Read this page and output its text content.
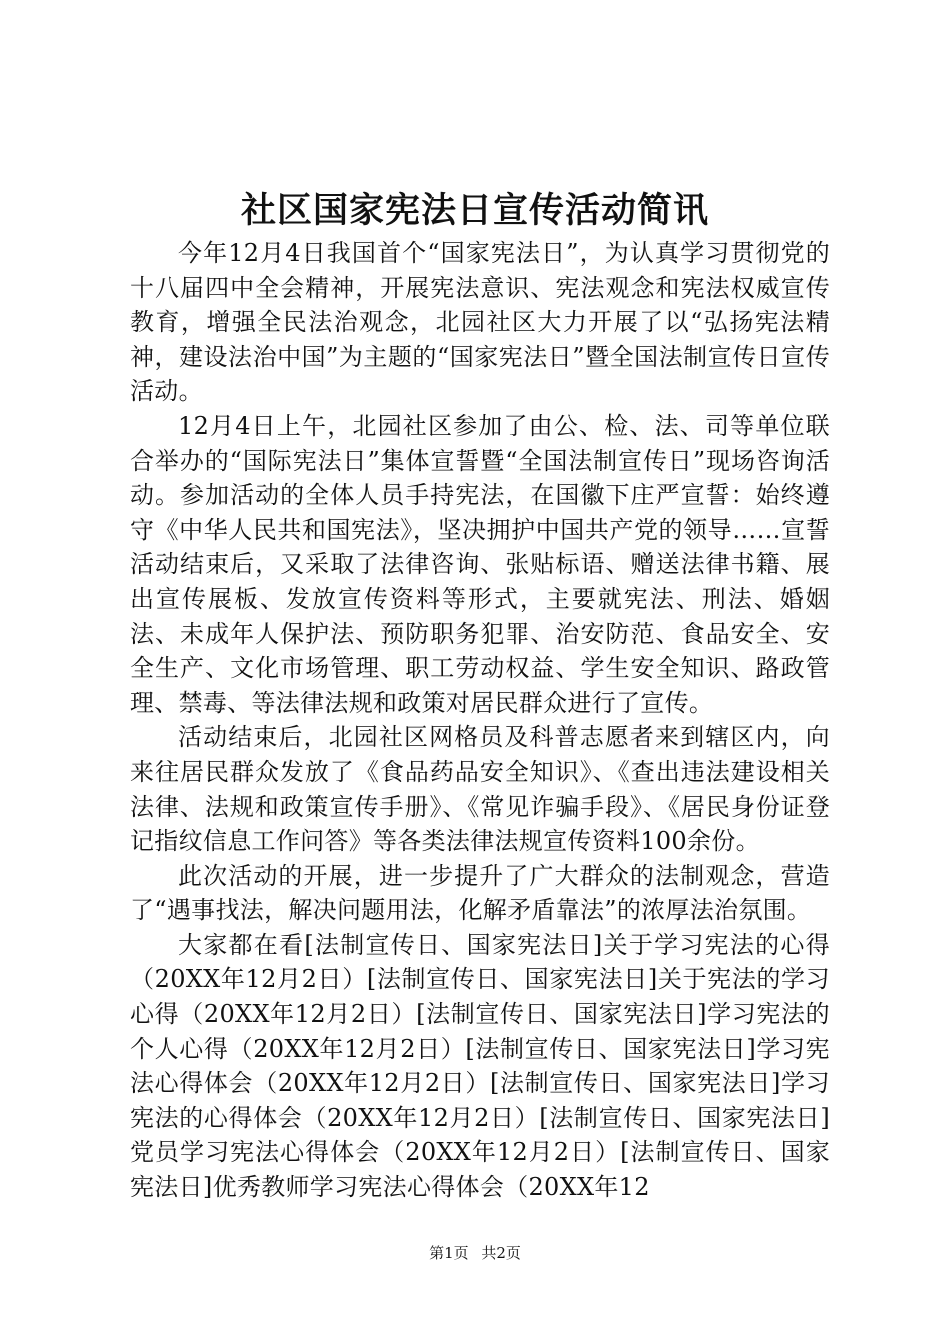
社区国家宪法日宣传活动简讯

今年12月4日我国首个“国家宪法日”，为认真学习贯彻党的十八届四中全会精神，开展宪法意识、宪法观念和宪法权威宣传教育，增强全民法治观念，北园社区大力开展了以“弘扬宪法精神，建设法治中国”为主题的“国家宪法日”暨全国法制宣传日宣传活动。

12月4日上午，北园社区参加了由公、检、法、司等单位联合举办的“国际宪法日”集体宣誓暨“全国法制宣传日”现场咨询活动。参加活动的全体人员手持宪法，在国徽下庄严宣誓：始终遵守《中华人民共和国宪法》，坚决拥护中国共产党的领导……宣誓活动结束后，又采取了法律咨询、张贴标语、赠送法律书籍、展出宣传展板、发放宣传资料等形式，主要就宪法、刑法、婚姻法、未成年人保护法、预防职务犯罪、治安防范、食品安全、安全生产、文化市场管理、职工劳动权益、学生安全知识、路政管理、禁毒、等法律法规和政策对居民群众进行了宣传。

活动结束后，北园社区网格员及科普志愿者来到辖区内，向来往居民群众发放了《食品药品安全知识》、《查出违法建设相关法律、法规和政策宣传手册》、《常见诈骗手段》、《居民身份证登记指纹信息工作问答》等各类法律法规宣传资料100余份。

此次活动的开展，进一步提升了广大群众的法制观念，营造了“遇事找法，解决问题用法，化解矛盾靠法”的浓厚法治氛围。

大家都在看[法制宣传日、国家宪法日]关于学习宪法的心得（20XX年12月2日）[法制宣传日、国家宪法日]关于宪法的学习心得（20XX年12月2日）[法制宣传日、国家宪法日]学习宪法的个人心得（20XX年12月2日）[法制宣传日、国家宪法日]学习宪法心得体会（20XX年12月2日）[法制宣传日、国家宪法日]学习宪法的心得体会（20XX年12月2日）[法制宣传日、国家宪法日]党员学习宪法心得体会（20XX年12月2日）[法制宣传日、国家宪法日]优秀教师学习宪法心得体会（20XX年12

第1页 共2页
